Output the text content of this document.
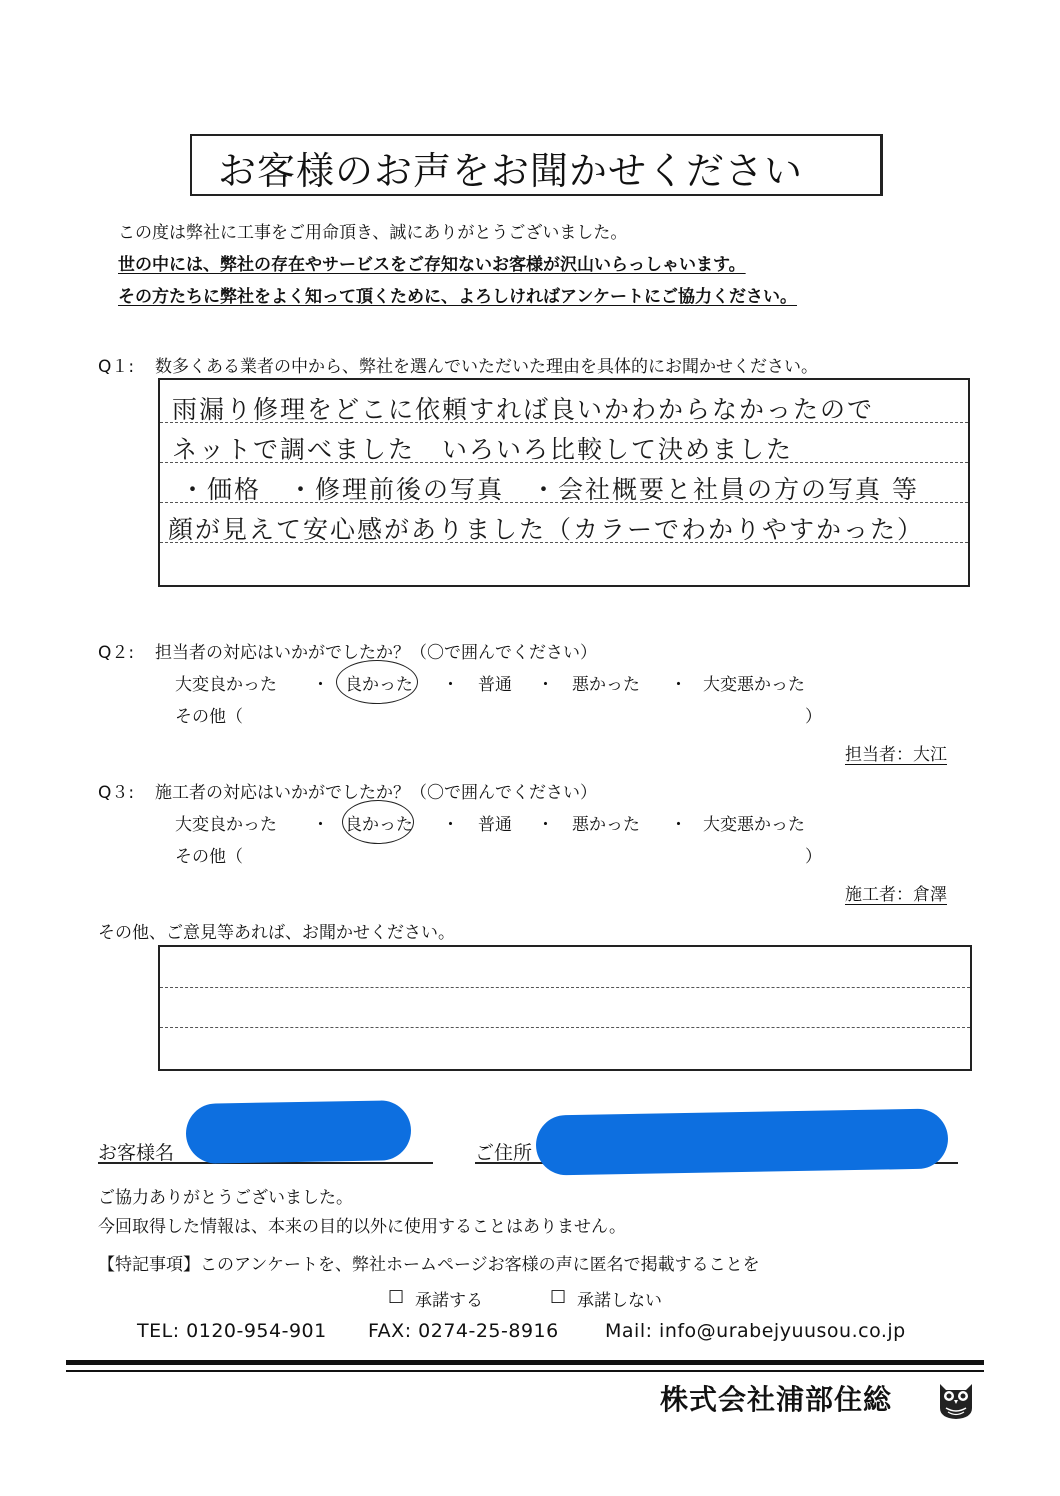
お客様のお声をお聞かせください
この度は弊社に工事をご用命頂き、誠にありがとうございました。
世の中には、弊社の存在やサービスをご存知ないお客様が沢山いらっしゃいます。
その方たちに弊社をよく知って頂くために、よろしければアンケートにご協力ください。
Q１: 数多くある業者の中から、弊社を選んでいただいた理由を具体的にお聞かせください。
雨漏り修理をどこに依頼すれば良いかわからなかったので
ネットで調べました　いろいろ比較して決めました
・価格　・修理前後の写真　・会社概要と社員の方の写真 等
顔が見えて安心感がありました（カラーでわかりやすかった）
Q２: 担当者の対応はいかがでしたか？（〇で囲んでください）
大変良かった ・ 良かった ・ 普通 ・ 悪かった ・ 大変悪かった
その他（	）
担当者：大江
Q３: 施工者の対応はいかがでしたか？（〇で囲んでください）
大変良かった ・ 良かった ・ 普通 ・ 悪かった ・ 大変悪かった
その他（	）
施工者：倉澤
その他、ご意見等あれば、お聞かせください。
お客様名	ご住所
ご協力ありがとうございました。
今回取得した情報は、本来の目的以外に使用することはありません。
【特記事項】このアンケートを、弊社ホームページお客様の声に匿名で掲載することを
□ 承諾する	□ 承諾しない
TEL: 0120-954-901 FAX: 0274-25-8916 Mail: info@urabejyuusou.co.jp
株式会社浦部住総
